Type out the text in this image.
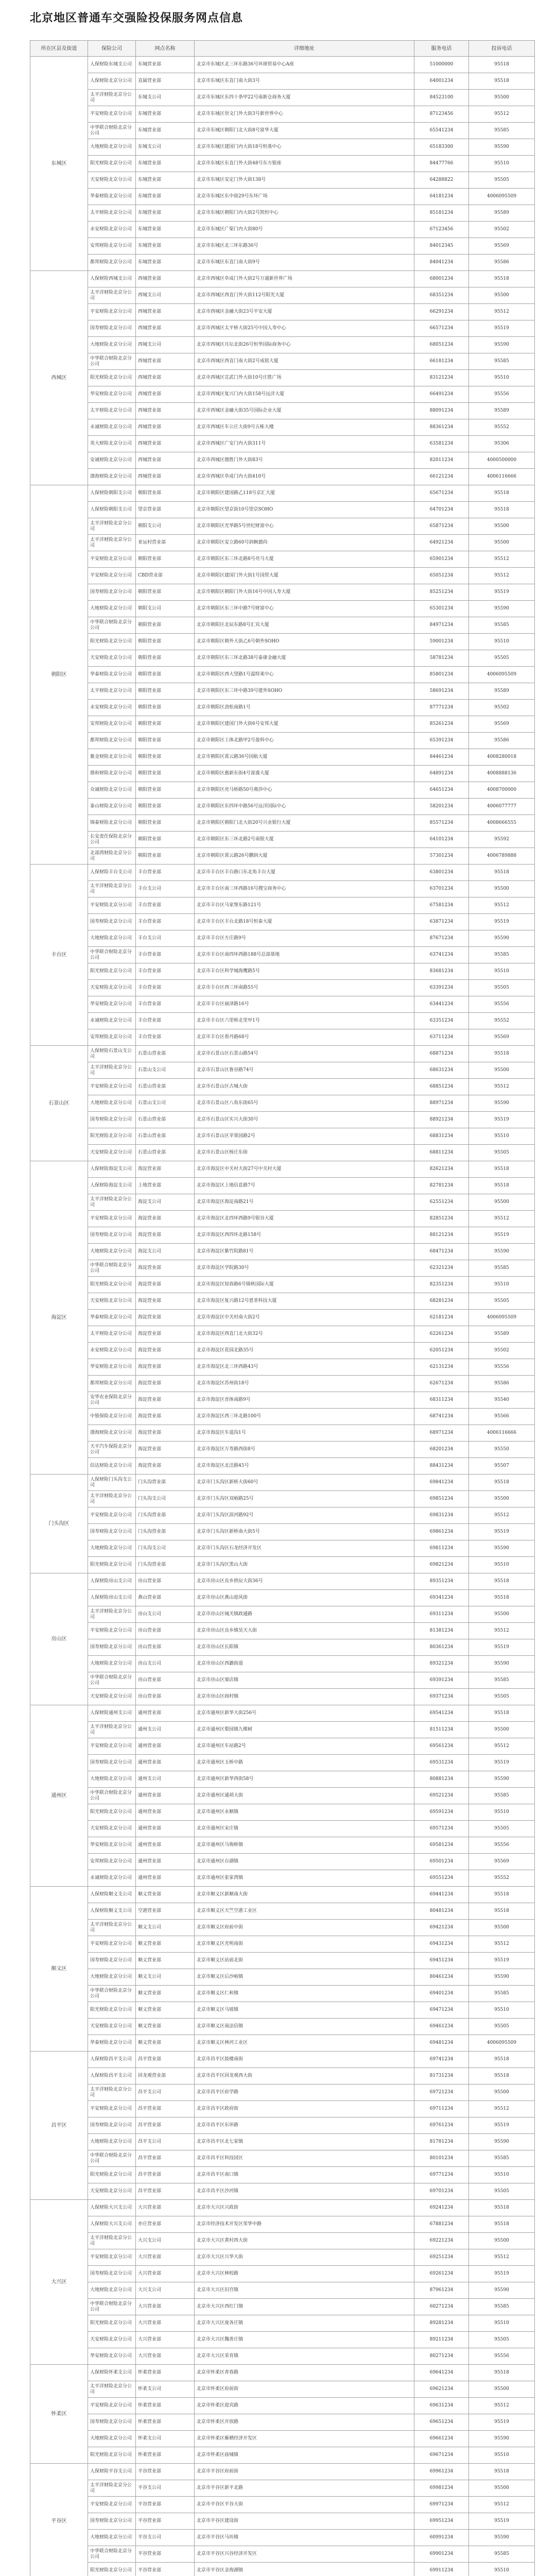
北京地区普通车交强险投保服务网点信息
所在区县及街道	保险公司	网点名称	详细地址	服务电话	投诉电话
东城区	人保财险东城支公司	东城营业部	北京市东城区北三环东路36号环球贸易中心A座	51000000	95518
	人保财险北京分公司	直属营业部	北京市东城区东直门南大街3号	64001234	95518
	太平洋财险北京分公司	东城支公司	北京市东城区东四十条甲22号南新仓商务大厦	84523100	95500
	平安财险北京分公司	东城营业部	北京市东城区崇文门外大街3号新世界中心	87123456	95512
	中华联合财险北京分公司	东城营业部	北京市东城区朝阳门北大街8号富华大厦	65541234	95585
	大地财险北京分公司	东城支公司	北京市东城区建国门内大街18号恒基中心	65183300	95590
	阳光财险北京分公司	东城营业部	北京市东城区东直门外大街48号东方银座	84477766	95510
	天安财险北京分公司	东城营业部	北京市东城区安定门外大街138号	64288822	95505
	华泰财险北京分公司	东城营业部	北京市东城区东中街29号东环广场	64181234	4006095509
	太平财险北京分公司	东城营业部	北京市东城区朝阳门内大街2号凯恒中心	85181234	95589
	永安财险北京分公司	东城营业部	北京市东城区广渠门内大街80号	67123456	95502
	安邦财险北京分公司	东城营业部	北京市东城区北三环东路36号	84012345	95569
	都邦财险北京分公司	东城营业部	北京市东城区东直门南大街9号	84041234	95586
西城区	人保财险西城支公司	西城营业部	北京市西城区阜成门外大街2号万通新世界广场	68001234	95518
	太平洋财险北京分公司	西城支公司	北京市西城区西直门外大街112号阳光大厦	68351234	95500
	平安财险北京分公司	西城营业部	北京市西城区金融大街23号平安大厦	66291234	95512
	国寿财险北京分公司	西城营业部	北京市西城区太平桥大街25号中国人寿中心	66571234	95519
	大地财险北京分公司	西城支公司	北京市西城区月坛北街26号恒华国际商务中心	68051234	95590
	中华联合财险北京分公司	西城营业部	北京市西城区西直门南大街2号成铭大厦	66181234	95585
	阳光财险北京分公司	西城营业部	北京市西城区宣武门外大街10号庄胜广场	83121234	95510
	华安财险北京分公司	西城营业部	北京市西城区复兴门内大街158号远洋大厦	66491234	95556
	太平财险北京分公司	西城营业部	北京市西城区金融大街35号国际企业大厦	88091234	95589
	永诚财险北京分公司	西城营业部	北京市西城区车公庄大街9号五栋大楼	88361234	95552
	英大财险北京分公司	西城营业部	北京市西城区广安门内大街311号	63581234	95306
	安诚财险北京分公司	西城营业部	北京市西城区德胜门外大街83号	82011234	4000500000
	渤海财险北京分公司	西城营业部	北京市西城区阜成门内大街410号	66121234	4006116666
朝阳区	人保财险朝阳支公司	朝阳营业部	北京市朝阳区建国路乙118号京汇大厦	65671234	95518
	人保财险朝阳支公司	望京营业部	北京市朝阳区望京街10号望京SOHO	64701234	95518
	太平洋财险北京分公司	朝阳支公司	北京市朝阳区光华路5号世纪财富中心	65871234	95500
	太平洋财险北京分公司	亚运村营业部	北京市朝阳区安立路60号润枫德尚	64921234	95500
	平安财险北京分公司	朝阳营业部	北京市朝阳区东三环北路8号亮马大厦	65901234	95512
	平安财险北京分公司	CBD营业部	北京市朝阳区建国门外大街1号国贸大厦	65051234	95512
	国寿财险北京分公司	朝阳营业部	北京市朝阳区朝阳门外大街16号中国人寿大厦	85251234	95519
	大地财险北京分公司	朝阳支公司	北京市朝阳区东三环中路7号财富中心	65301234	95590
	中华联合财险北京分公司	朝阳营业部	北京市朝阳区北辰东路8号汇宾大厦	84971234	95585
	阳光财险北京分公司	朝阳营业部	北京市朝阳区朝外大街乙6号朝外SOHO	59001234	95510
	天安财险北京分公司	朝阳营业部	北京市朝阳区东三环北路38号泰康金融大厦	58781234	95505
	华泰财险北京分公司	朝阳营业部	北京市朝阳区西大望路1号温特莱中心	85801234	4006095509
	太平财险北京分公司	朝阳营业部	北京市朝阳区东三环中路39号建外SOHO	58691234	95589
	永安财险北京分公司	朝阳营业部	北京市朝阳区劲松南路1号	87771234	95502
	安邦财险北京分公司	朝阳营业部	北京市朝阳区建国门外大街6号安邦大厦	85261234	95569
	都邦财险北京分公司	朝阳营业部	北京市朝阳区工体北路甲2号盈科中心	65391234	95586
	紫金财险北京分公司	朝阳营业部	北京市朝阳区霄云路36号国航大厦	84461234	4008280018
	鼎和财险北京分公司	朝阳营业部	北京市朝阳区惠新东街4号富盛大厦	64891234	4008888136
	众诚财险北京分公司	朝阳营业部	北京市朝阳区亮马桥路50号燕莎中心	64651234	4008700000
	泰山财险北京分公司	朝阳营业部	北京市朝阳区东四环中路56号远洋国际中心	58201234	4006077777
	锦泰财险北京分公司	朝阳营业部	北京市朝阳区朝阳门北大街20号兴业银行大厦	85571234	4008666555
	长安责任保险北京分公司	朝阳营业部	北京市朝阳区东三环北路2号南银大厦	64101234	95592
	北部湾财险北京分公司	朝阳营业部	北京市朝阳区霄云路26号鹏润大厦	57301234	4006789888
丰台区	人保财险丰台支公司	丰台营业部	北京市丰台区丰台路口东北角丰台大厦	63801234	95518
	太平洋财险北京分公司	丰台支公司	北京市丰台区南三环西路16号搜宝商务中心	63701234	95500
	平安财险北京分公司	丰台营业部	北京市丰台区马家堡东路121号	67581234	95512
	国寿财险北京分公司	丰台营业部	北京市丰台区丰台北路18号恒泰大厦	63871234	95519
	大地财险北京分公司	丰台支公司	北京市丰台区方庄路9号	87671234	95590
	中华联合财险北京分公司	丰台营业部	北京市丰台区南四环西路188号总部基地	63741234	95585
	阳光财险北京分公司	丰台营业部	北京市丰台区科学城海鹰路5号	83681234	95510
	天安财险北京分公司	丰台营业部	北京市丰台区西三环南路55号	63391234	95505
	华安财险北京分公司	丰台营业部	北京市丰台区丽泽路16号	63441234	95556
	永诚财险北京分公司	丰台营业部	北京市丰台区六里桥北里甲1号	63351234	95552
	安邦财险北京分公司	丰台营业部	北京市丰台区看丹路68号	63711234	95569
石景山区	人保财险石景山支公司	石景山营业部	北京市石景山区石景山路54号	68871234	95518
	太平洋财险北京分公司	石景山支公司	北京市石景山区鲁谷路74号	68631234	95500
	平安财险北京分公司	石景山营业部	北京市石景山区古城大街	68851234	95512
	大地财险北京分公司	石景山支公司	北京市石景山区八角东街65号	88971234	95590
	国寿财险北京分公司	石景山营业部	北京市石景山区实兴大街30号	88921234	95519
	阳光财险北京分公司	石景山营业部	北京市石景山区苹果园路2号	68831234	95510
	天安财险北京分公司	石景山营业部	北京市石景山区杨庄东街	68811234	95505
海淀区	人保财险海淀支公司	海淀营业部	北京市海淀区中关村大街27号中关村大厦	82621234	95518
	人保财险海淀支公司	上地营业部	北京市海淀区上地信息路7号	82781234	95518
	太平洋财险北京分公司	海淀支公司	北京市海淀区海淀南路21号	62551234	95500
	平安财险北京分公司	海淀营业部	北京市海淀区北四环西路9号银谷大厦	82851234	95512
	国寿财险北京分公司	海淀营业部	北京市海淀区西四环北路158号	88121234	95519
	大地财险北京分公司	海淀支公司	北京市海淀区紫竹院路81号	68471234	95590
	中华联合财险北京分公司	海淀营业部	北京市海淀区学院路30号	62321234	95585
	阳光财险北京分公司	海淀营业部	北京市海淀区知春路6号锦秋国际大厦	82351234	95510
	天安财险北京分公司	海淀营业部	北京市海淀区复兴路12号恩菲科技大厦	68281234	95505
	华泰财险北京分公司	海淀营业部	北京市海淀区中关村南大街2号	62181234	4006095509
	太平财险北京分公司	海淀营业部	北京市海淀区西直门北大街32号	62261234	95589
	永安财险北京分公司	海淀营业部	北京市海淀区花园北路35号	62051234	95502
	华安财险北京分公司	海淀营业部	北京市海淀区北三环西路43号	62131234	95556
	都邦财险北京分公司	海淀营业部	北京市海淀区苏州街18号	62671234	95586
	安华农业保险北京分公司	海淀营业部	北京市海淀区首体南路9号	68311234	95540
	中银保险北京分公司	海淀营业部	北京市海淀区西三环北路100号	68741234	95566
	渤海财险北京分公司	海淀营业部	北京市海淀区车道沟1号	68971234	4006116666
	天平汽车保险北京分公司	海淀营业部	北京市海淀区万寿路西街8号	68201234	95550
	信达财险北京分公司	海淀营业部	北京市海淀区北洼路45号	88431234	95507
门头沟区	人保财险门头沟支公司	门头沟营业部	北京市门头沟区新桥大街60号	69841234	95518
	太平洋财险北京分公司	门头沟支公司	北京市门头沟区双峪路25号	69851234	95500
	平安财险北京分公司	门头沟营业部	北京市门头沟区滨河路92号	69831234	95512
	国寿财险北京分公司	门头沟营业部	北京市门头沟区新桥南大街5号	69861234	95519
	大地财险北京分公司	门头沟支公司	北京市门头沟区石龙经济开发区	69811234	95590
	阳光财险北京分公司	门头沟营业部	北京市门头沟区黑山大街	69821234	95510
房山区	人保财险房山支公司	房山营业部	北京市房山区良乡拱辰大街36号	89351234	95518
	人保财险房山支公司	燕山营业部	北京市房山区燕山迎风街	69341234	95518
	太平洋财险北京分公司	房山支公司	北京市房山区城关镇政通路	69311234	95500
	平安财险北京分公司	房山营业部	北京市房山区良乡镇昊天大街	81381234	95512
	国寿财险北京分公司	房山营业部	北京市房山区长阳镇	80361234	95519
	大地财险北京分公司	房山支公司	北京市房山区西潞街道	89321234	95590
	中华联合财险北京分公司	房山营业部	北京市房山区窦店镇	69391234	95585
	天安财险北京分公司	房山营业部	北京市房山区阎村镇	69371234	95505
通州区	人保财险通州支公司	通州营业部	北京市通州区新华大街256号	69541234	95518
	太平洋财险北京分公司	通州支公司	北京市通州区梨园镇九棵树	81511234	95500
	平安财险北京分公司	通州营业部	北京市通州区车站路2号	69561234	95512
	国寿财险北京分公司	通州营业部	北京市通州区玉桥中路	69531234	95519
	大地财险北京分公司	通州支公司	北京市通州区新华西街58号	80881234	95590
	中华联合财险北京分公司	通州营业部	北京市通州区通胡大街	69521234	95585
	阳光财险北京分公司	通州营业部	北京市通州区永顺镇	69591234	95510
	天安财险北京分公司	通州营业部	北京市通州区宋庄镇	69571234	95505
	华安财险北京分公司	通州营业部	北京市通州区马驹桥镇	69581234	95556
	安邦财险北京分公司	通州营业部	北京市通州区台湖镇	69501234	95569
	永诚财险北京分公司	通州营业部	北京市通州区张家湾镇	69551234	95552
顺义区	人保财险顺义支公司	顺义营业部	北京市顺义区新顺南大街	69441234	95518
	人保财险顺义支公司	空港营业部	北京市顺义区天竺空港工业区	80481234	95518
	太平洋财险北京分公司	顺义支公司	北京市顺义区府前中街	69421234	95500
	平安财险北京分公司	顺义营业部	北京市顺义区光明南街	69431234	95512
	国寿财险北京分公司	顺义营业部	北京市顺义区站前北街	69451234	95519
	大地财险北京分公司	顺义支公司	北京市顺义区后沙峪镇	80461234	95590
	中华联合财险北京分公司	顺义营业部	北京市顺义区仁和镇	69401234	95585
	阳光财险北京分公司	顺义营业部	北京市顺义区马坡镇	69471234	95510
	天安财险北京分公司	顺义营业部	北京市顺义区南法信镇	69461234	95505
	华泰财险北京分公司	顺义营业部	北京市顺义区林河工业区	69481234	4006095509
昌平区	人保财险昌平支公司	昌平营业部	北京市昌平区鼓楼南街	69741234	95518
	人保财险昌平支公司	回龙观营业部	北京市昌平区回龙观西大街	81731234	95518
	太平洋财险北京分公司	昌平支公司	北京市昌平区府学路	69721234	95500
	平安财险北京分公司	昌平营业部	北京市昌平区政府街	69711234	95512
	国寿财险北京分公司	昌平营业部	北京市昌平区东环路	69761234	95519
	大地财险北京分公司	昌平支公司	北京市昌平区北七家镇	81781234	95590
	中华联合财险北京分公司	昌平营业部	北京市昌平区科技园区	80101234	95585
	阳光财险北京分公司	昌平营业部	北京市昌平区南口镇	69771234	95510
	天安财险北京分公司	昌平营业部	北京市昌平区沙河镇	69701234	95505
大兴区	人保财险大兴支公司	大兴营业部	北京市大兴区兴政街	69241234	95518
	人保财险大兴支公司	亦庄营业部	北京市经济技术开发区荣华中路	67881234	95518
	太平洋财险北京分公司	大兴支公司	北京市大兴区黄村西大街	69221234	95500
	平安财险北京分公司	大兴营业部	北京市大兴区兴华大街	69251234	95512
	国寿财险北京分公司	大兴营业部	北京市大兴区林校路	69261234	95519
	大地财险北京分公司	大兴支公司	北京市大兴区旧宫镇	87961234	95590
	中华联合财险北京分公司	大兴营业部	北京市大兴区西红门镇	60271234	95585
	阳光财险北京分公司	大兴营业部	北京市大兴区庞各庄镇	89281234	95510
	天安财险北京分公司	大兴营业部	北京市大兴区魏善庄镇	89211234	95505
	华安财险北京分公司	大兴营业部	北京市大兴区采育镇	80271234	95556
怀柔区	人保财险怀柔支公司	怀柔营业部	北京市怀柔区青春路	69641234	95518
	太平洋财险北京分公司	怀柔支公司	北京市怀柔区府前街	69621234	95500
	平安财险北京分公司	怀柔营业部	北京市怀柔区迎宾路	69631234	95512
	国寿财险北京分公司	怀柔营业部	北京市怀柔区开放路	69651234	95519
	大地财险北京分公司	怀柔支公司	北京市怀柔区雁栖经济开发区	69661234	95590
	阳光财险北京分公司	怀柔营业部	北京市怀柔区庙城镇	69671234	95510
平谷区	人保财险平谷支公司	平谷营业部	北京市平谷区府前街	69961234	95518
	太平洋财险北京分公司	平谷支公司	北京市平谷区新平北路	69981234	95500
	平安财险北京分公司	平谷营业部	北京市平谷区平谷大街	69971234	95512
	国寿财险北京分公司	平谷营业部	北京市平谷区建设街	69951234	95519
	大地财险北京分公司	平谷支公司	北京市平谷区马坊镇	60991234	95590
	中华联合财险北京分公司	平谷营业部	北京市平谷区兴谷经济开发区	69901234	95585
	阳光财险北京分公司	平谷营业部	北京市平谷区金海湖镇	69911234	95510
